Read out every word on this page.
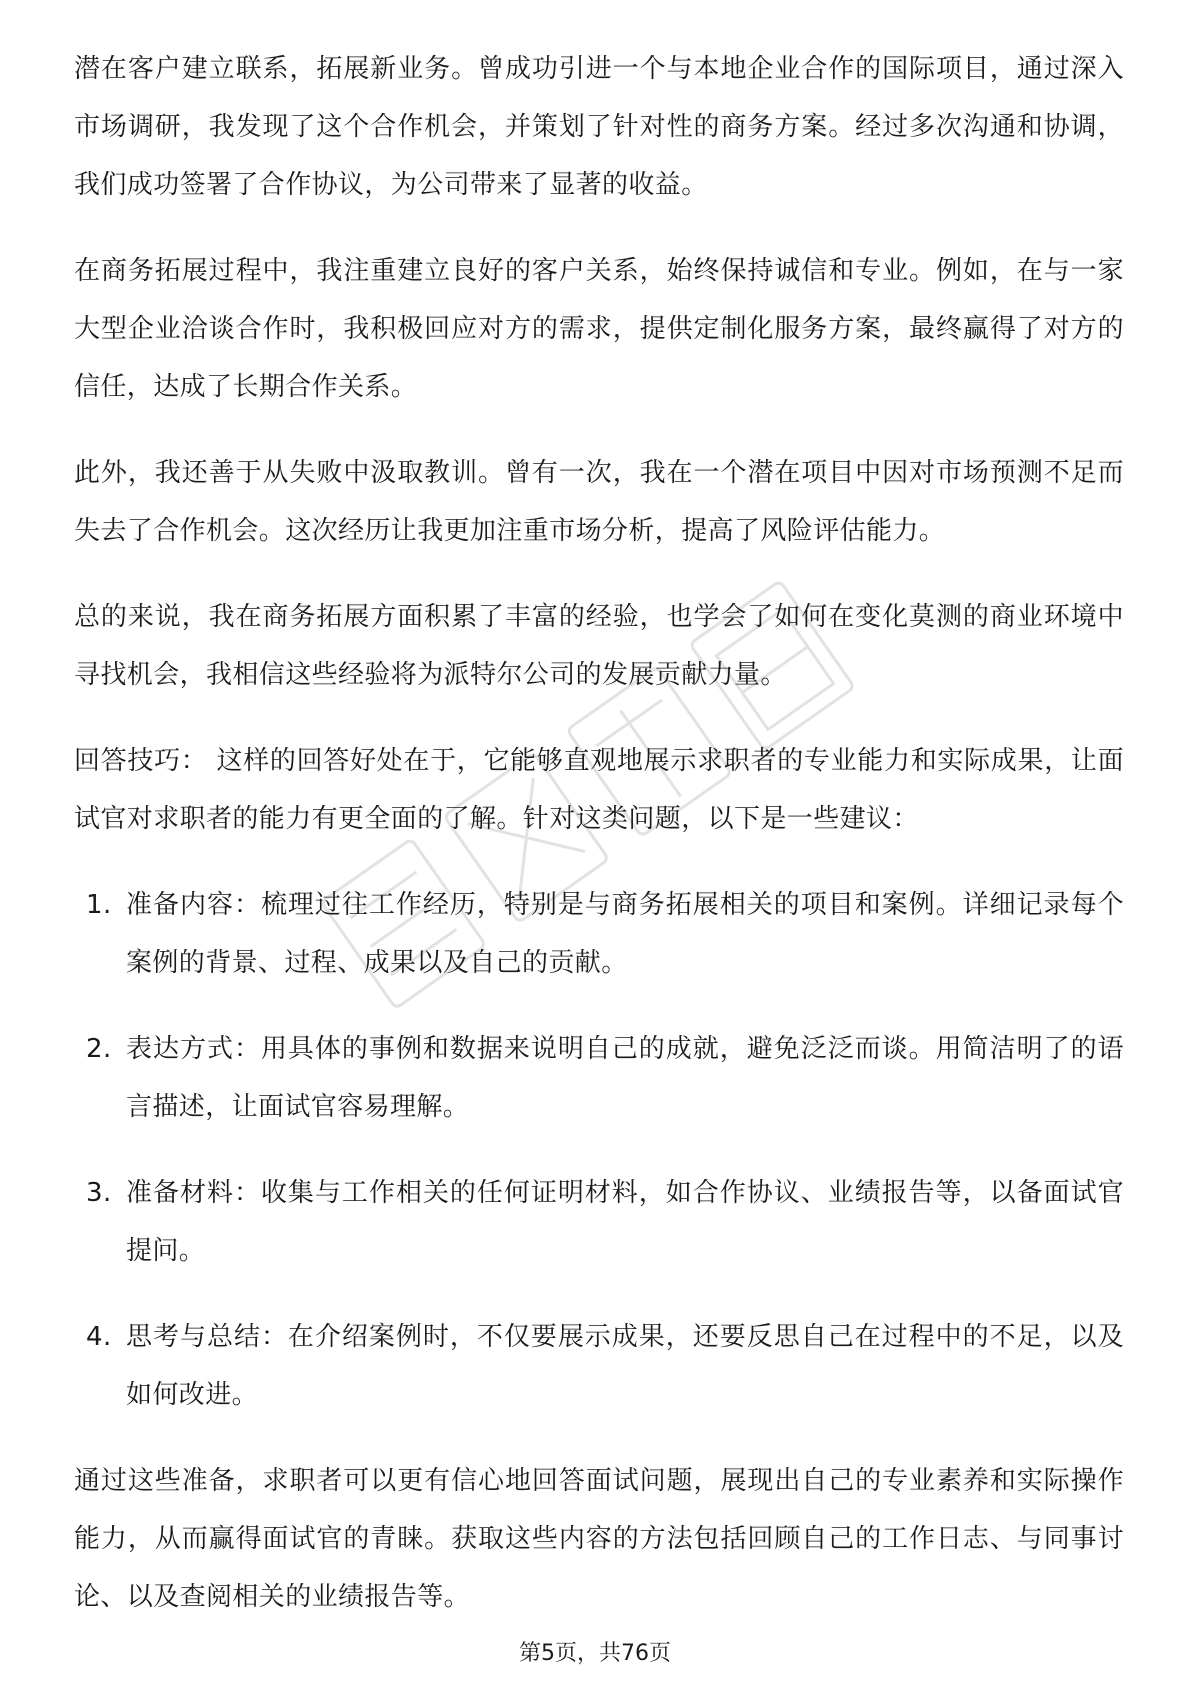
潜在客户建立联系，拓展新业务。曾成功引进一个与本地企业合作的国际项目，通过深入市场调研，我发现了这个合作机会，并策划了针对性的商务方案。经过多次沟通和协调，我们成功签署了合作协议，为公司带来了显著的收益。

在商务拓展过程中，我注重建立良好的客户关系，始终保持诚信和专业。例如，在与一家大型企业洽谈合作时，我积极回应对方的需求，提供定制化服务方案，最终赢得了对方的信任，达成了长期合作关系。

此外，我还善于从失败中汲取教训。曾有一次，我在一个潜在项目中因对市场预测不足而失去了合作机会。这次经历让我更加注重市场分析，提高了风险评估能力。

总的来说，我在商务拓展方面积累了丰富的经验，也学会了如何在变化莫测的商业环境中寻找机会，我相信这些经验将为派特尔公司的发展贡献力量。

回答技巧： 这样的回答好处在于，它能够直观地展示求职者的专业能力和实际成果，让面试官对求职者的能力有更全面的了解。针对这类问题，以下是一些建议：

1. 准备内容：梳理过往工作经历，特别是与商务拓展相关的项目和案例。详细记录每个案例的背景、过程、成果以及自己的贡献。
2. 表达方式：用具体的事例和数据来说明自己的成就，避免泛泛而谈。用简洁明了的语言描述，让面试官容易理解。
3. 准备材料：收集与工作相关的任何证明材料，如合作协议、业绩报告等，以备面试官提问。
4. 思考与总结：在介绍案例时，不仅要展示成果，还要反思自己在过程中的不足，以及如何改进。

通过这些准备，求职者可以更有信心地回答面试问题，展现出自己的专业素养和实际操作能力，从而赢得面试官的青睐。获取这些内容的方法包括回顾自己的工作日志、与同事讨论、以及查阅相关的业绩报告等。

第5页，共76页
